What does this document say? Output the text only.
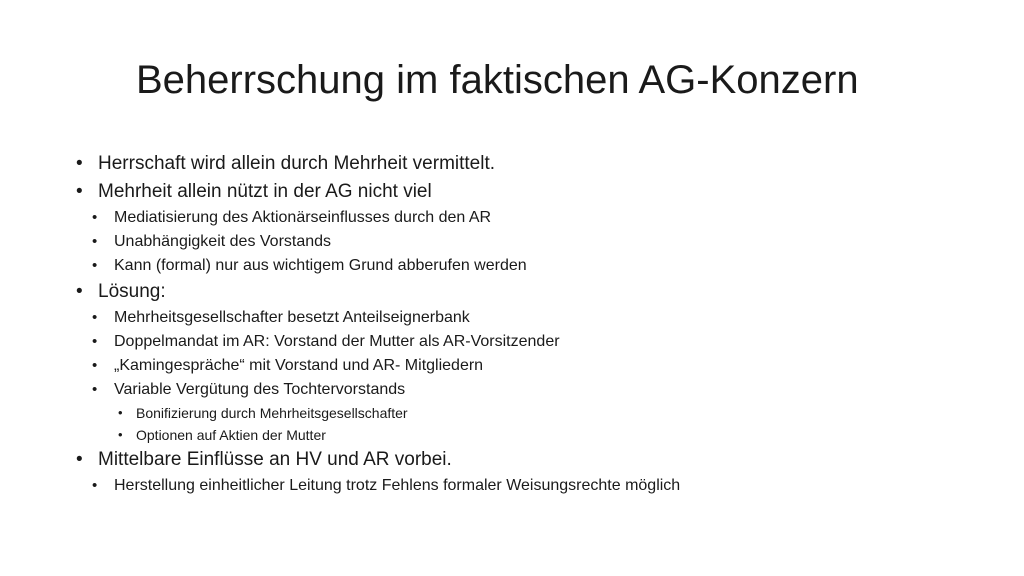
Beherrschung im faktischen AG-Konzern
• Herrschaft wird allein durch Mehrheit vermittelt.
• Mehrheit allein nützt in der AG nicht viel
• Mediatisierung des Aktionärseinflusses durch den AR
• Unabhängigkeit des Vorstands
• Kann (formal) nur aus wichtigem Grund abberufen werden
• Lösung:
• Mehrheitsgesellschafter besetzt Anteilseignerbank
• Doppelmandat im AR: Vorstand der Mutter als AR-Vorsitzender
• „Kamingespräche“ mit Vorstand und AR- Mitgliedern
• Variable Vergütung des Tochtervorstands
• Bonifizierung durch Mehrheitsgesellschafter
• Optionen auf Aktien der Mutter
• Mittelbare Einflüsse an HV und AR vorbei.
• Herstellung einheitlicher Leitung trotz Fehlens formaler Weisungsrechte möglich
